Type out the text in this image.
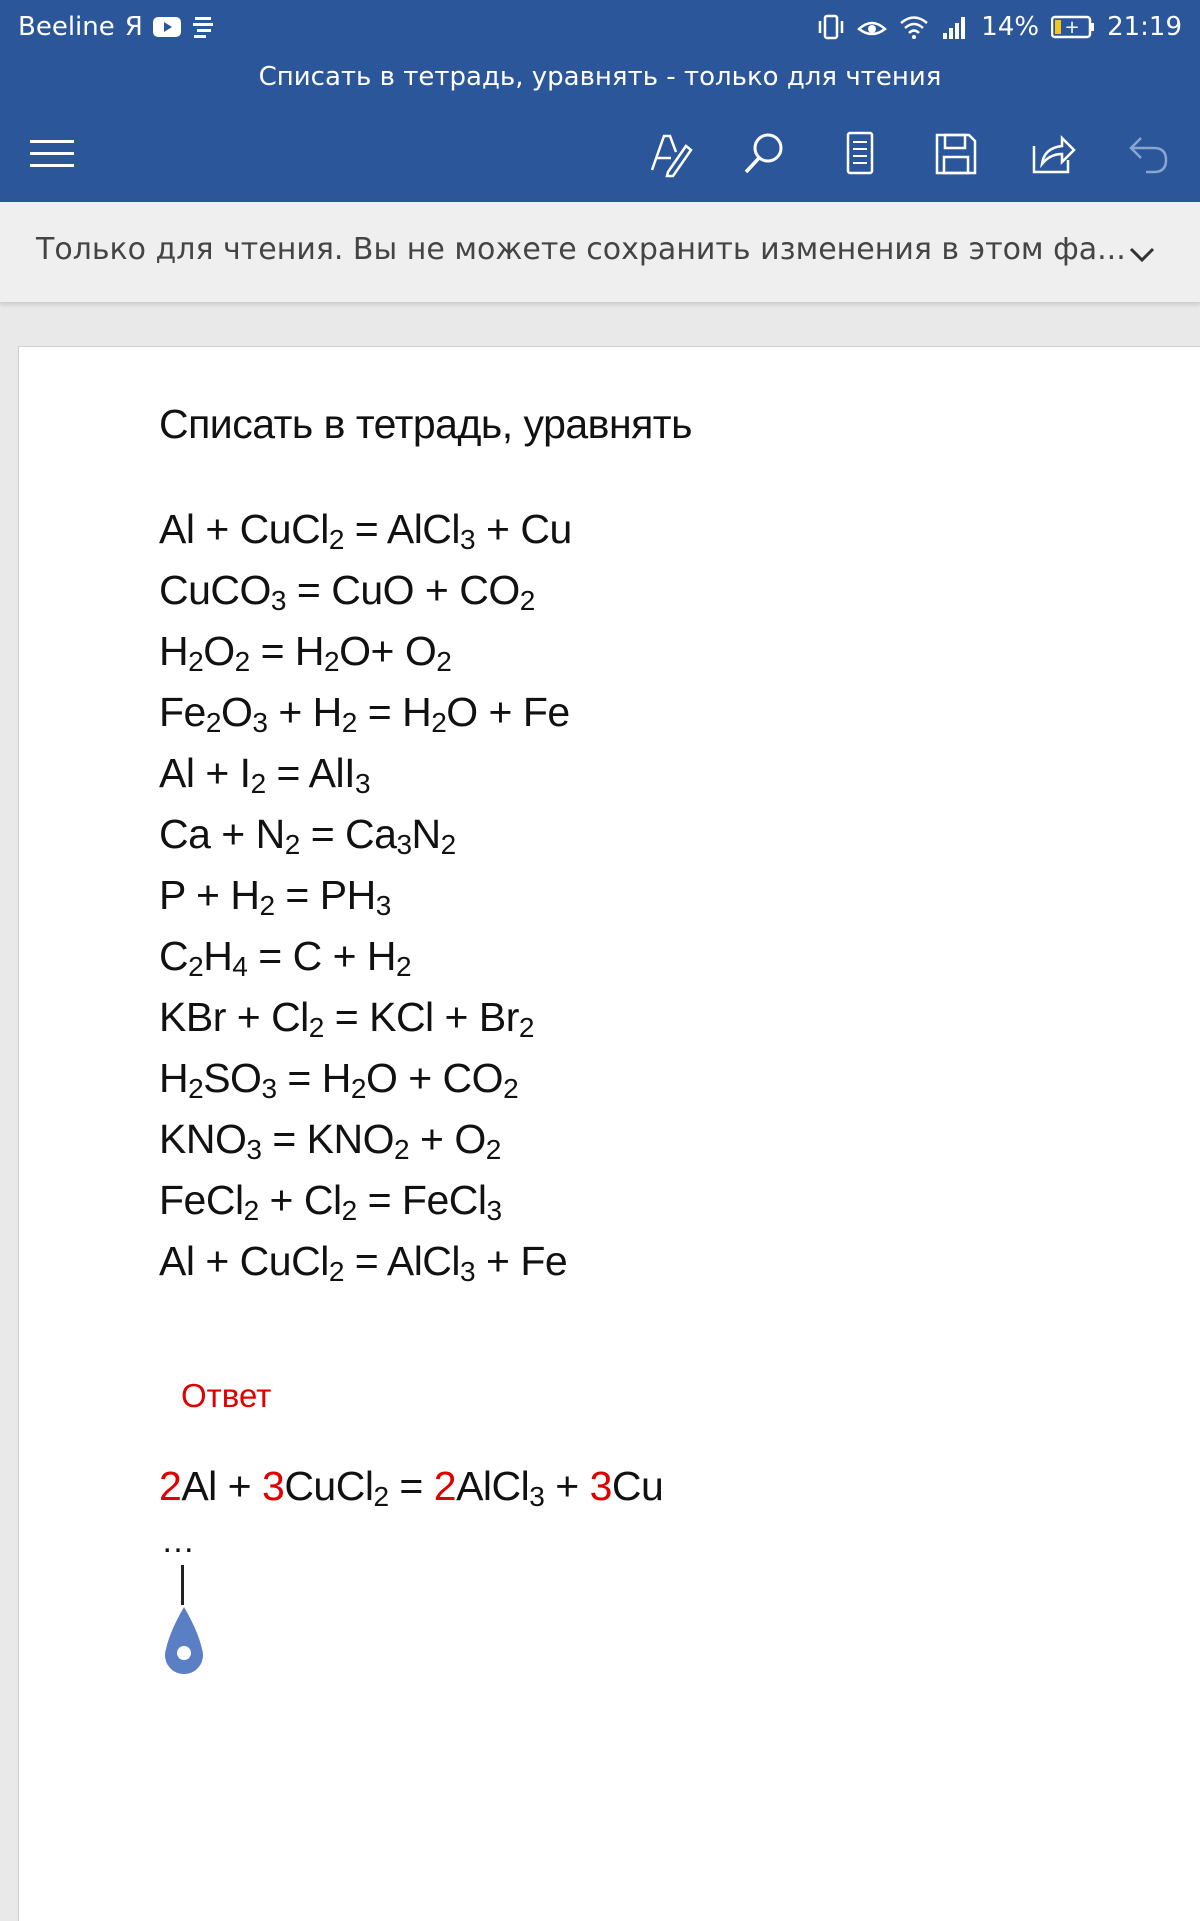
Beeline Я	14% + 21:19
Списать в тетрадь, уравнять - только для чтения
Только для чтения. Вы не можете сохранить изменения в этом фа...
Списать в тетрадь, уравнять
Al + CuCl$_2$ = AlCl$_3$ + Cu
CuCO$_3$ = CuO + $CO_2$
$H_2O_2 = H_2O+ O_2$
$Fe_2O_3 + H_2 = H_2O + Fe$
$Al + I_2 = AlI_3$
$Ca + N_2 = Ca_3N_2$
$P + H_2 = PH_3$
$C_2H_4 = C + H_2$
KBr + $Cl_2$ = KCl + $Br_2$
$H_2SO_3 = H_2O + CO_2$
$KNO_3 = KNO_2 + O_2$
FeCl$_2$ + $Cl_2$ = FeCl$_3$
Al + CuCl$_2$ = AlCl$_3$ + Fe
Ответ
2Al + 3CuCl$_2$ = 2AlCl$_3$ + 3Cu
…
